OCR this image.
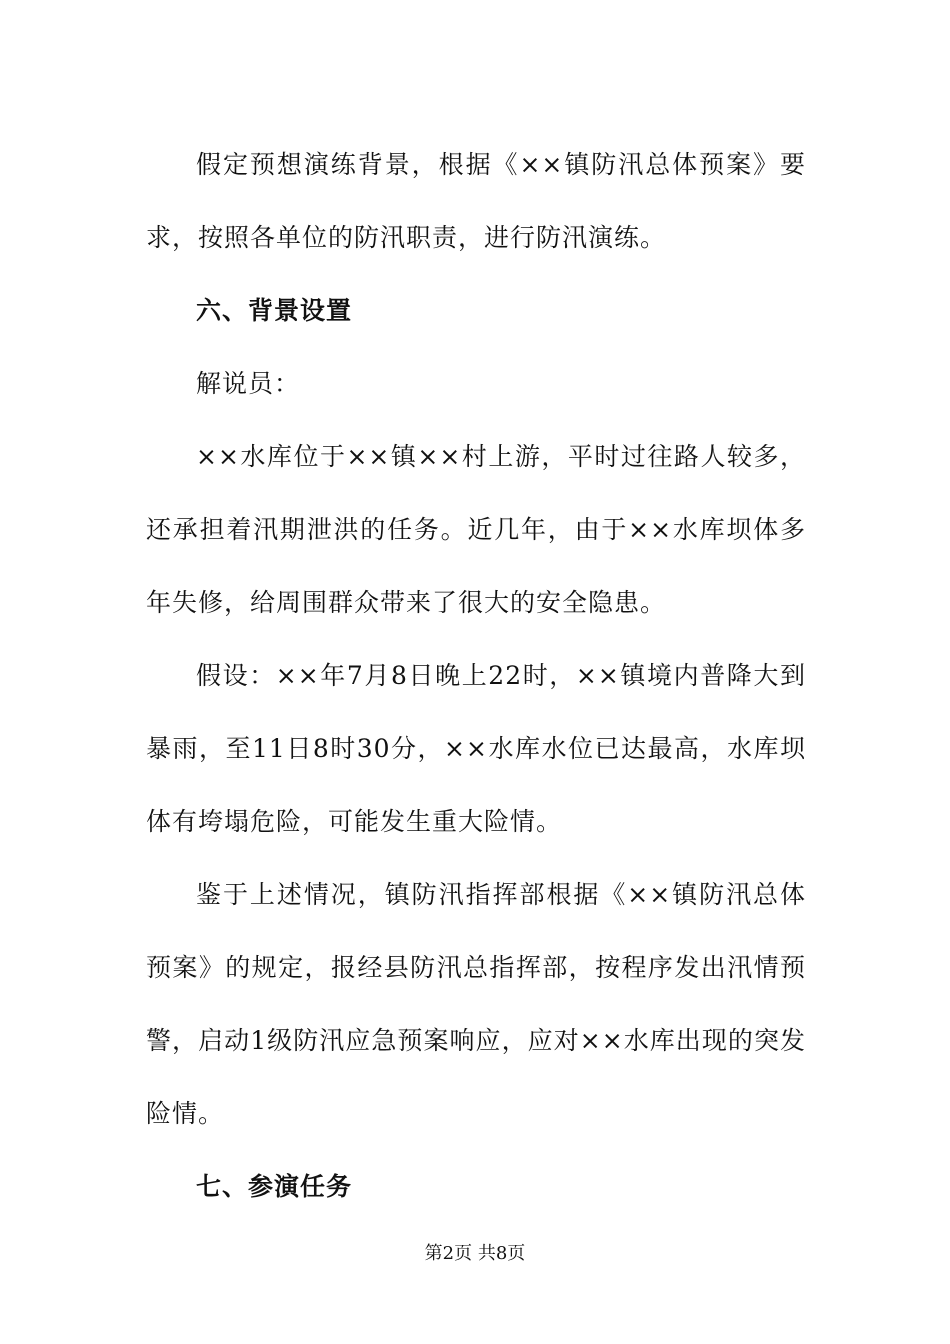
假定预想演练背景，根据《××镇防汛总体预案》要求，按照各单位的防汛职责，进行防汛演练。

六、背景设置

解说员：

××水库位于××镇××村上游，平时过往路人较多，还承担着汛期泄洪的任务。近几年，由于××水库坝体多年失修，给周围群众带来了很大的安全隐患。

假设：××年7月8日晚上22时，××镇境内普降大到暴雨，至11日8时30分，××水库水位已达最高，水库坝体有垮塌危险，可能发生重大险情。

鉴于上述情况，镇防汛指挥部根据《××镇防汛总体预案》的规定，报经县防汛总指挥部，按程序发出汛情预警，启动1级防汛应急预案响应，应对××水库出现的突发险情。

七、参演任务

第2页 共8页
